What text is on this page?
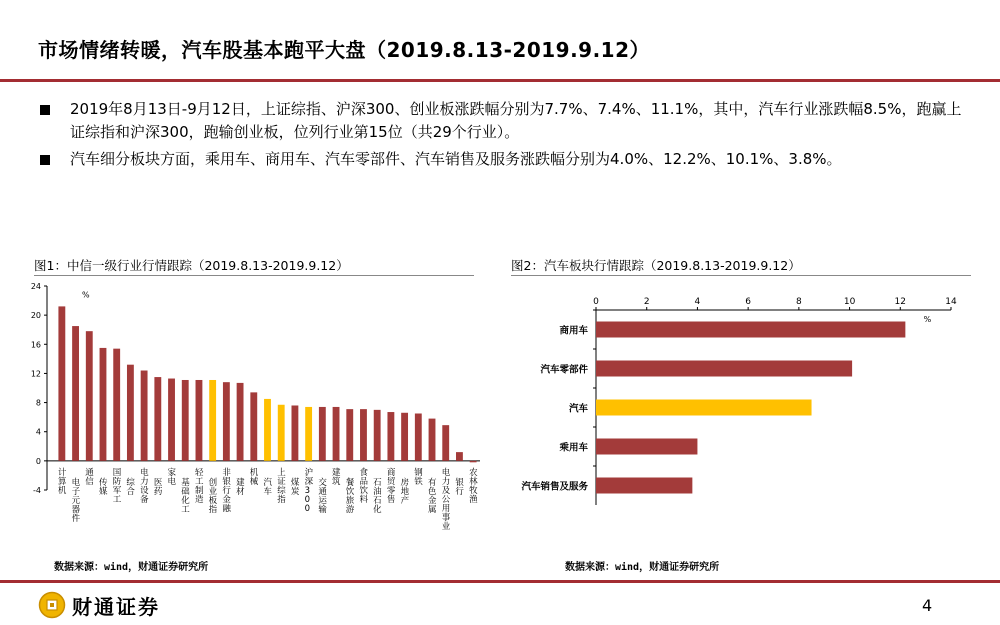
市场情绪转暖，汽车股基本跑平大盘（2019.8.13-2019.9.12）
2019年8月13日-9月12日，上证综指、沪深300、创业板涨跌幅分别为7.7%、7.4%、11.1%，其中，汽车行业涨跌幅8.5%，跑赢上证综指和沪深300，跑输创业板，位列行业第15位（共29个行业）。
汽车细分板块方面，乘用车、商用车、汽车零部件、汽车销售及服务涨跌幅分别为4.0%、12.2%、10.1%、3.8%。
图1：中信一级行业行情跟踪（2019.8.13-2019.9.12）	图2：汽车板块行情跟踪（2019.8.13-2019.9.12）
-4
0
4
8
12
16
20
24
%
计算机
电子元器件
通信 传媒
国防军工
综合
电力设备
医药
家电 基础化工
轻工制造
创业板指
非银行金融
建材
机械 汽车
上证综指
煤炭
沪深 3 0 0
交通运输
建筑 餐饮旅游
食品饮料
石油石化
商贸零售
房地产
钢铁 有色金属
电力及公用事业
银行
农林牧渔
0	2	4	6	8	10	12	14
%
商用车
汽车零部件
汽车
乘用车
汽车销售及服务
数据来源：wind，财通证券研究所	数据来源：wind，财通证券研究所
财通证券	4
